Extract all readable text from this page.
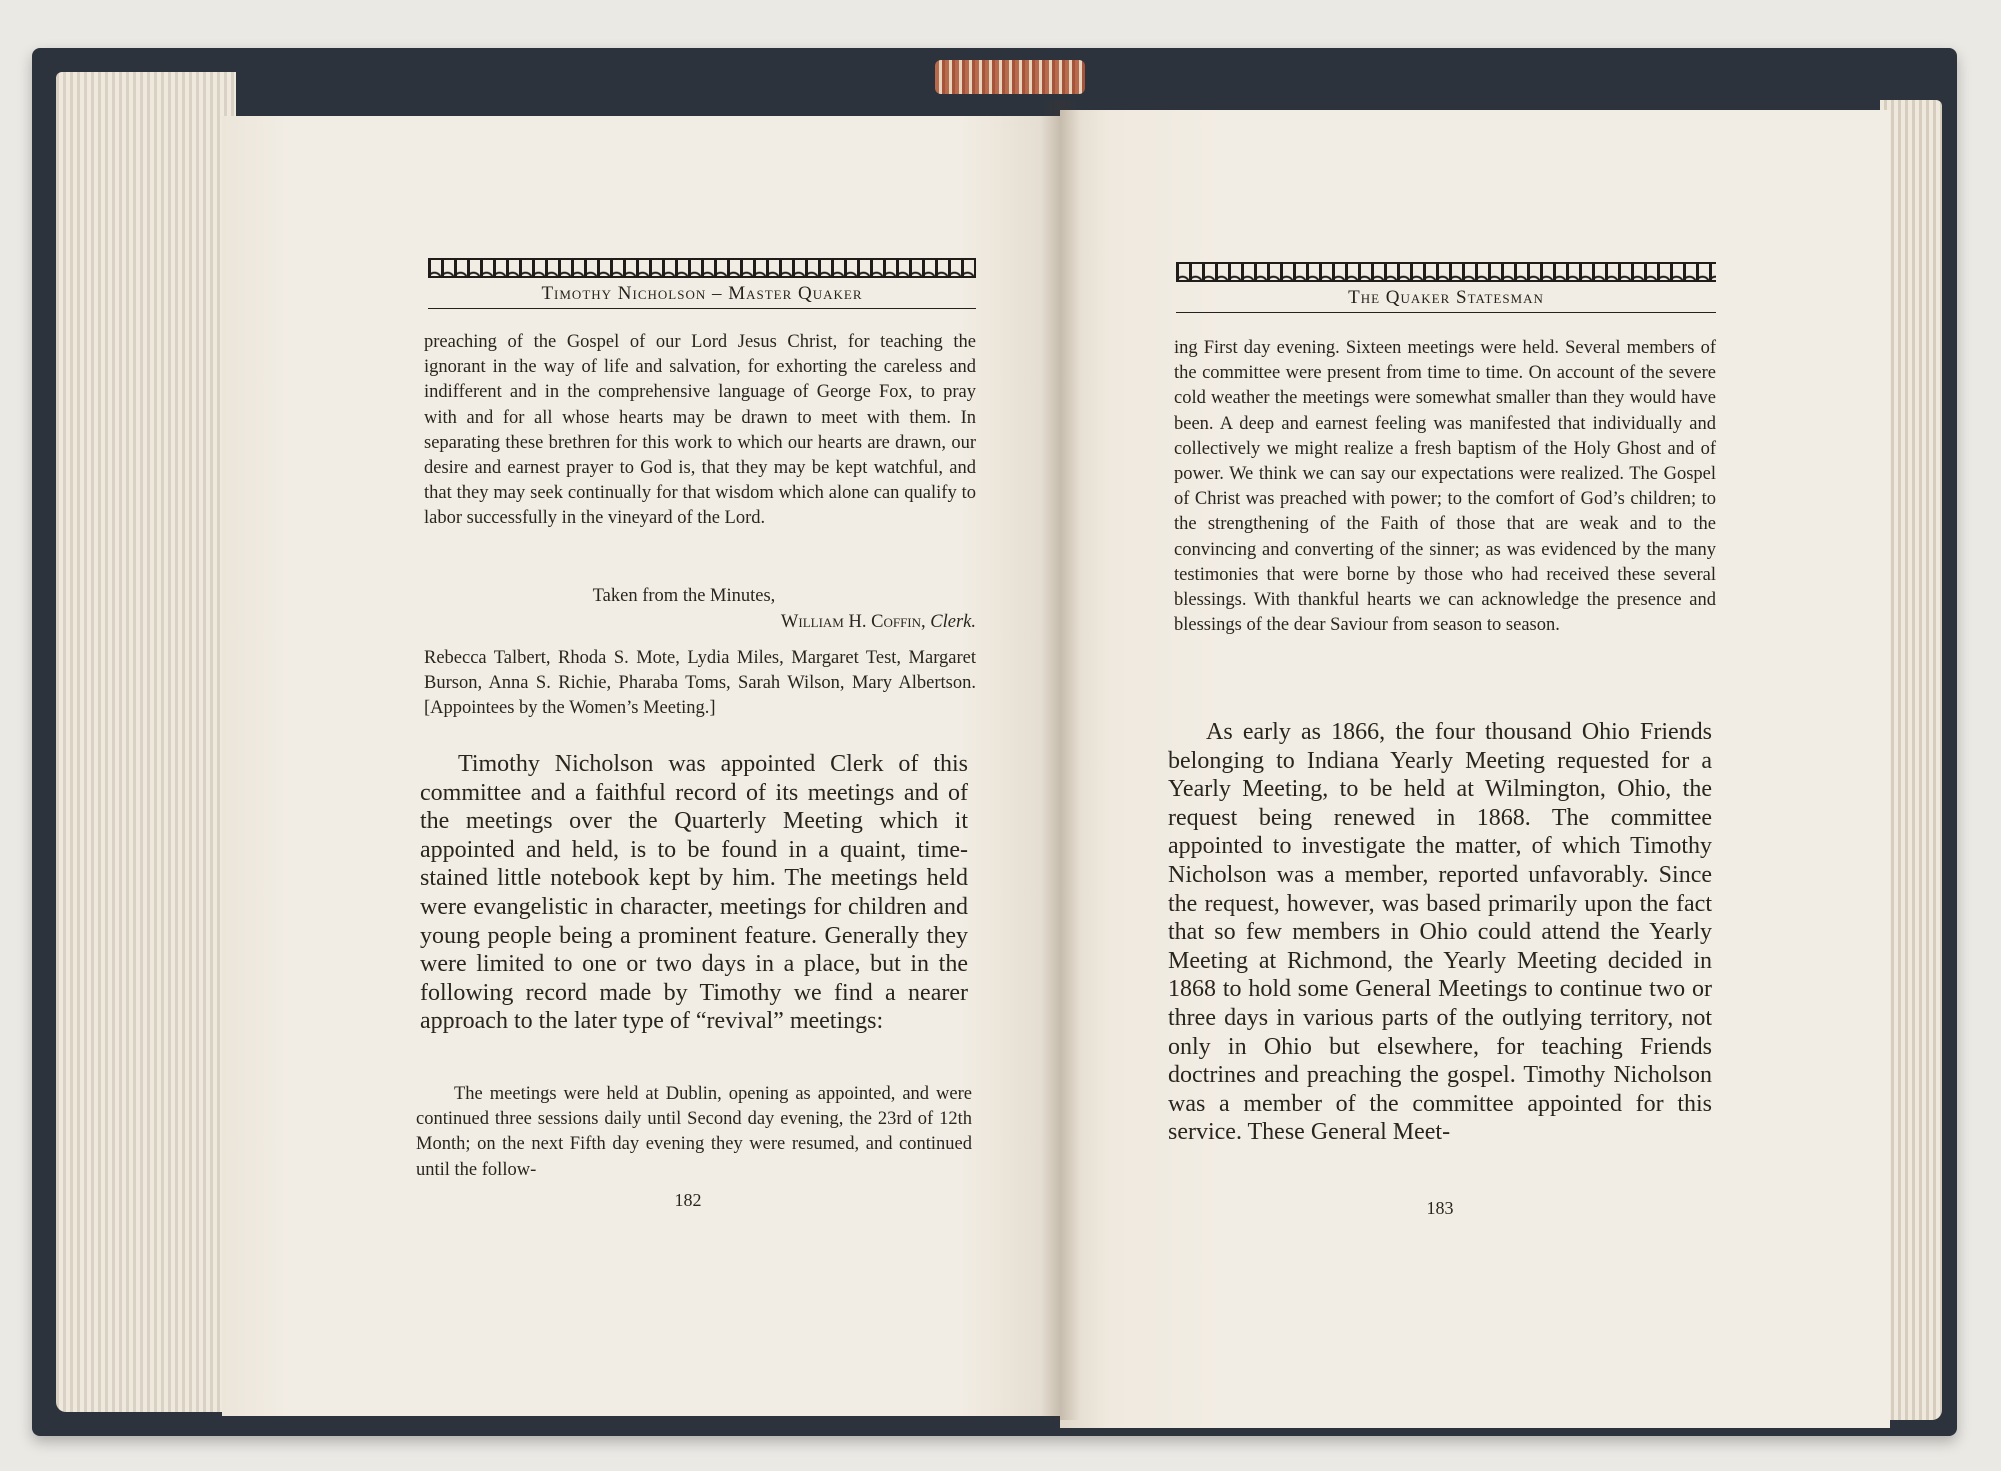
Timothy Nicholson – Master Quaker

preaching of the Gospel of our Lord Jesus Christ, for teaching the ignorant in the way of life and salvation, for exhorting the careless and indifferent and in the comprehensive language of George Fox, to pray with and for all whose hearts may be drawn to meet with them. In separating these brethren for this work to which our hearts are drawn, our desire and earnest prayer to God is, that they may be kept watchful, and that they may seek continually for that wisdom which alone can qualify to labor successfully in the vineyard of the Lord.

Taken from the Minutes,
William H. Coffin, Clerk.

Rebecca Talbert, Rhoda S. Mote, Lydia Miles, Margaret Test, Margaret Burson, Anna S. Richie, Pharaba Toms, Sarah Wilson, Mary Albertson. [Appointees by the Women’s Meeting.]

Timothy Nicholson was appointed Clerk of this committee and a faithful record of its meetings and of the meetings over the Quarterly Meeting which it appointed and held, is to be found in a quaint, time-stained little notebook kept by him. The meetings held were evangelistic in character, meetings for children and young people being a prominent feature. Generally they were limited to one or two days in a place, but in the following record made by Timothy we find a nearer approach to the later type of “revival” meetings:

The meetings were held at Dublin, opening as appointed, and were continued three sessions daily until Second day evening, the 23rd of 12th Month; on the next Fifth day evening they were resumed, and continued until the follow-

182
The Quaker Statesman

ing First day evening. Sixteen meetings were held. Several members of the committee were present from time to time. On account of the severe cold weather the meetings were somewhat smaller than they would have been. A deep and earnest feeling was manifested that individually and collectively we might realize a fresh baptism of the Holy Ghost and of power. We think we can say our expectations were realized. The Gospel of Christ was preached with power; to the comfort of God’s children; to the strengthening of the Faith of those that are weak and to the convincing and converting of the sinner; as was evidenced by the many testimonies that were borne by those who had received these several blessings. With thankful hearts we can acknowledge the presence and blessings of the dear Saviour from season to season.

As early as 1866, the four thousand Ohio Friends belonging to Indiana Yearly Meeting requested for a Yearly Meeting, to be held at Wilmington, Ohio, the request being renewed in 1868. The committee appointed to investigate the matter, of which Timothy Nicholson was a member, reported unfavorably. Since the request, however, was based primarily upon the fact that so few members in Ohio could attend the Yearly Meeting at Richmond, the Yearly Meeting decided in 1868 to hold some General Meetings to continue two or three days in various parts of the outlying territory, not only in Ohio but elsewhere, for teaching Friends doctrines and preaching the gospel. Timothy Nicholson was a member of the committee appointed for this service. These General Meet-

183
